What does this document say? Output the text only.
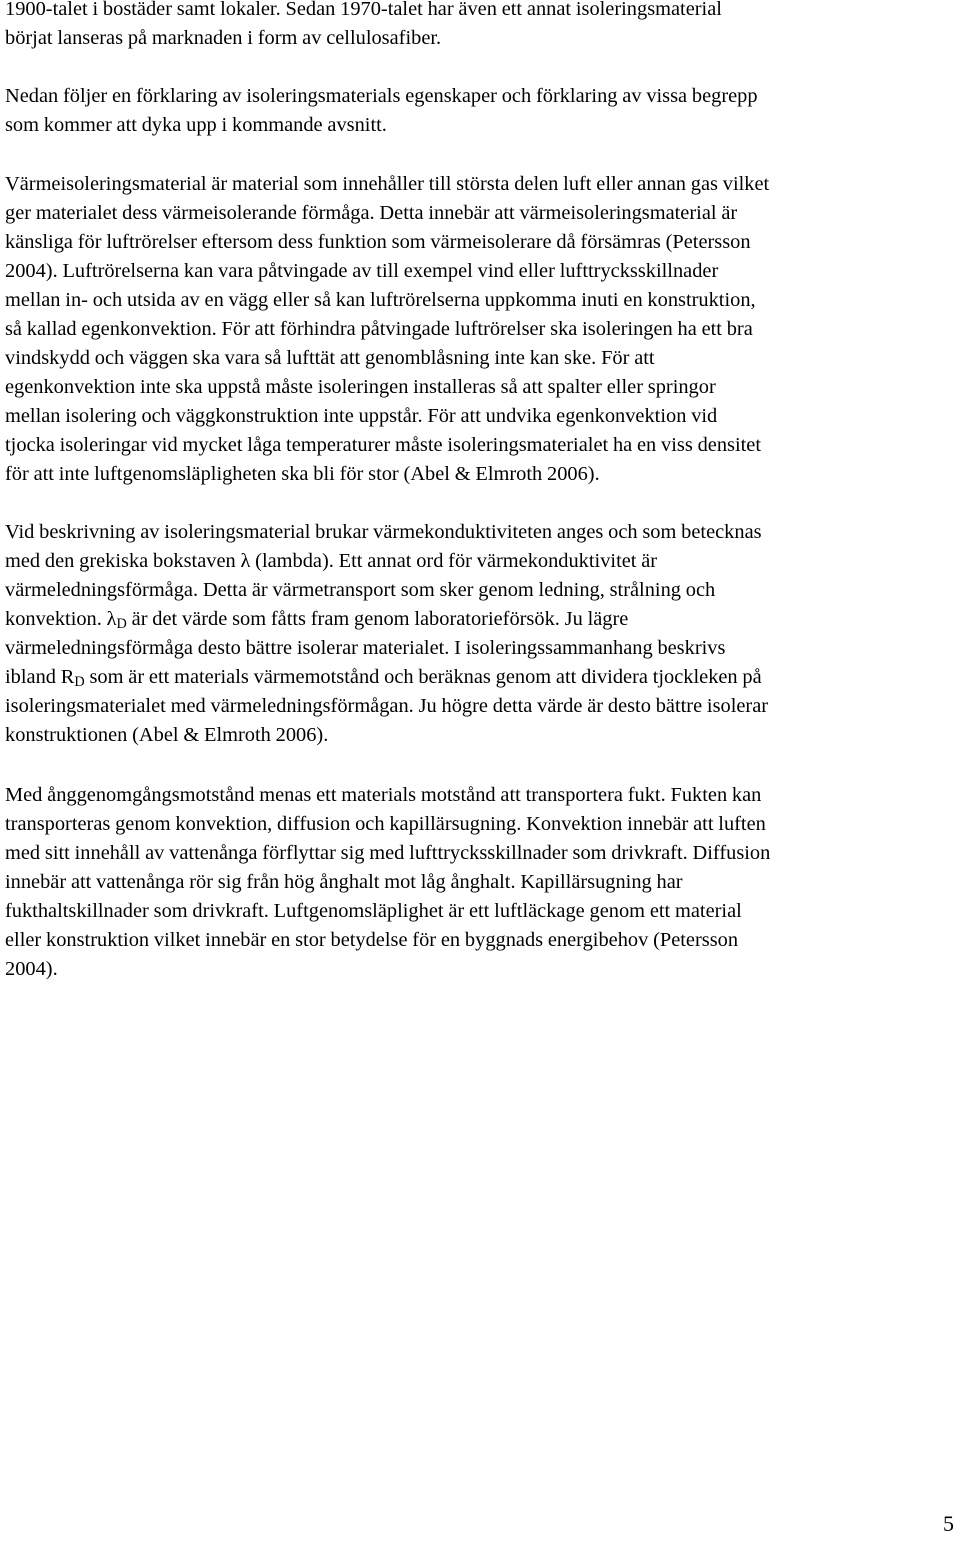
1900-talet i bostäder samt lokaler. Sedan 1970-talet har även ett annat isoleringsmaterial
börjat lanseras på marknaden i form av cellulosafiber.

Nedan följer en förklaring av isoleringsmaterials egenskaper och förklaring av vissa begrepp
som kommer att dyka upp i kommande avsnitt.

Värmeisoleringsmaterial är material som innehåller till största delen luft eller annan gas vilket
ger materialet dess värmeisolerande förmåga. Detta innebär att värmeisoleringsmaterial är
känsliga för luftrörelser eftersom dess funktion som värmeisolerare då försämras (Petersson
2004). Luftrörelserna kan vara påtvingade av till exempel vind eller lufttrycksskillnader
mellan in- och utsida av en vägg eller så kan luftrörelserna uppkomma inuti en konstruktion,
så kallad egenkonvektion. För att förhindra påtvingade luftrörelser ska isoleringen ha ett bra
vindskydd och väggen ska vara så lufttät att genomblåsning inte kan ske. För att
egenkonvektion inte ska uppstå måste isoleringen installeras så att spalter eller springor
mellan isolering och väggkonstruktion inte uppstår. För att undvika egenkonvektion vid
tjocka isoleringar vid mycket låga temperaturer måste isoleringsmaterialet ha en viss densitet
för att inte luftgenomsläpligheten ska bli för stor (Abel & Elmroth 2006).

Vid beskrivning av isoleringsmaterial brukar värmekonduktiviteten anges och som betecknas
med den grekiska bokstaven λ (lambda). Ett annat ord för värmekonduktivitet är
värmeledningsförmåga. Detta är värmetransport som sker genom ledning, strålning och
konvektion. $\lambda_D$ är det värde som fåtts fram genom laboratorieförsök. Ju lägre
värmeledningsförmåga desto bättre isolerar materialet. I isoleringssammanhang beskrivs
ibland $R_D$ som är ett materials värmemotstånd och beräknas genom att dividera tjockleken på
isoleringsmaterialet med värmeledningsförmågan. Ju högre detta värde är desto bättre isolerar
konstruktionen (Abel & Elmroth 2006).

Med ånggenomgångsmotstånd menas ett materials motstånd att transportera fukt. Fukten kan
transporteras genom konvektion, diffusion och kapillärsugning. Konvektion innebär att luften
med sitt innehåll av vattenånga förflyttar sig med lufttrycksskillnader som drivkraft. Diffusion
innebär att vattenånga rör sig från hög ånghalt mot låg ånghalt. Kapillärsugning har
fukthaltskillnader som drivkraft. Luftgenomsläplighet är ett luftläckage genom ett material
eller konstruktion vilket innebär en stor betydelse för en byggnads energibehov (Petersson
2004).

5
